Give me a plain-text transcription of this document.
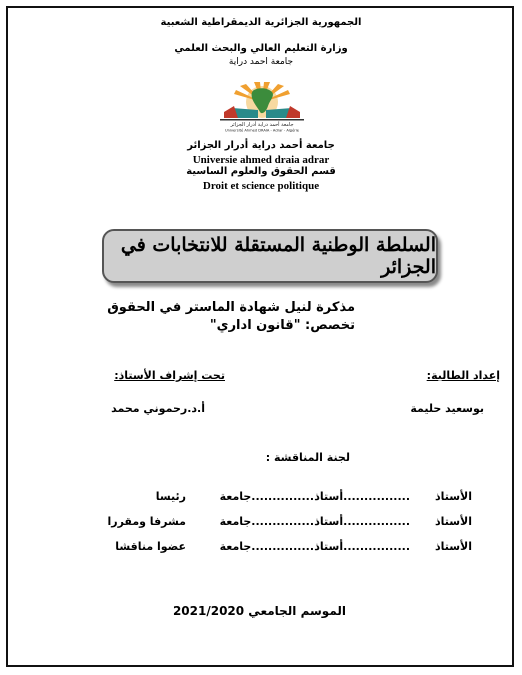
الجمهورية الجزائرية الديمقراطية الشعبية
وزارة التعليم العالي والبحث العلمي
جامعة احمد دراية
جامعة أحمد دراية أدرار الجزائر
Université Ahmed DRAIA - Adrar - Algérie
جامعة أحمد دراية أدرار الجزائر
Universie ahmed draia adrar
قسم الحقوق والعلوم الساسية
Droit et science politique
السلطة الوطنية المستقلة للانتخابات في الجزائر
مذكرة لنيل شهادة الماستر في الحقوق
تخصص: "قانون اداري"
إعداد الطالبة:
تحت إشراف الأستاذ:
بوسعيد حليمة
أ.د.رحموني محمد
لجنة المناقشة :
الأستاذ
................أستاذ
...............جامعة
رئيسا
الأستاذ
................أستاذ
...............جامعة
مشرفا ومقررا
الأستاذ
................أستاذ
...............جامعة
عضوا مناقشا
الموسم الجامعي 2021/2020
